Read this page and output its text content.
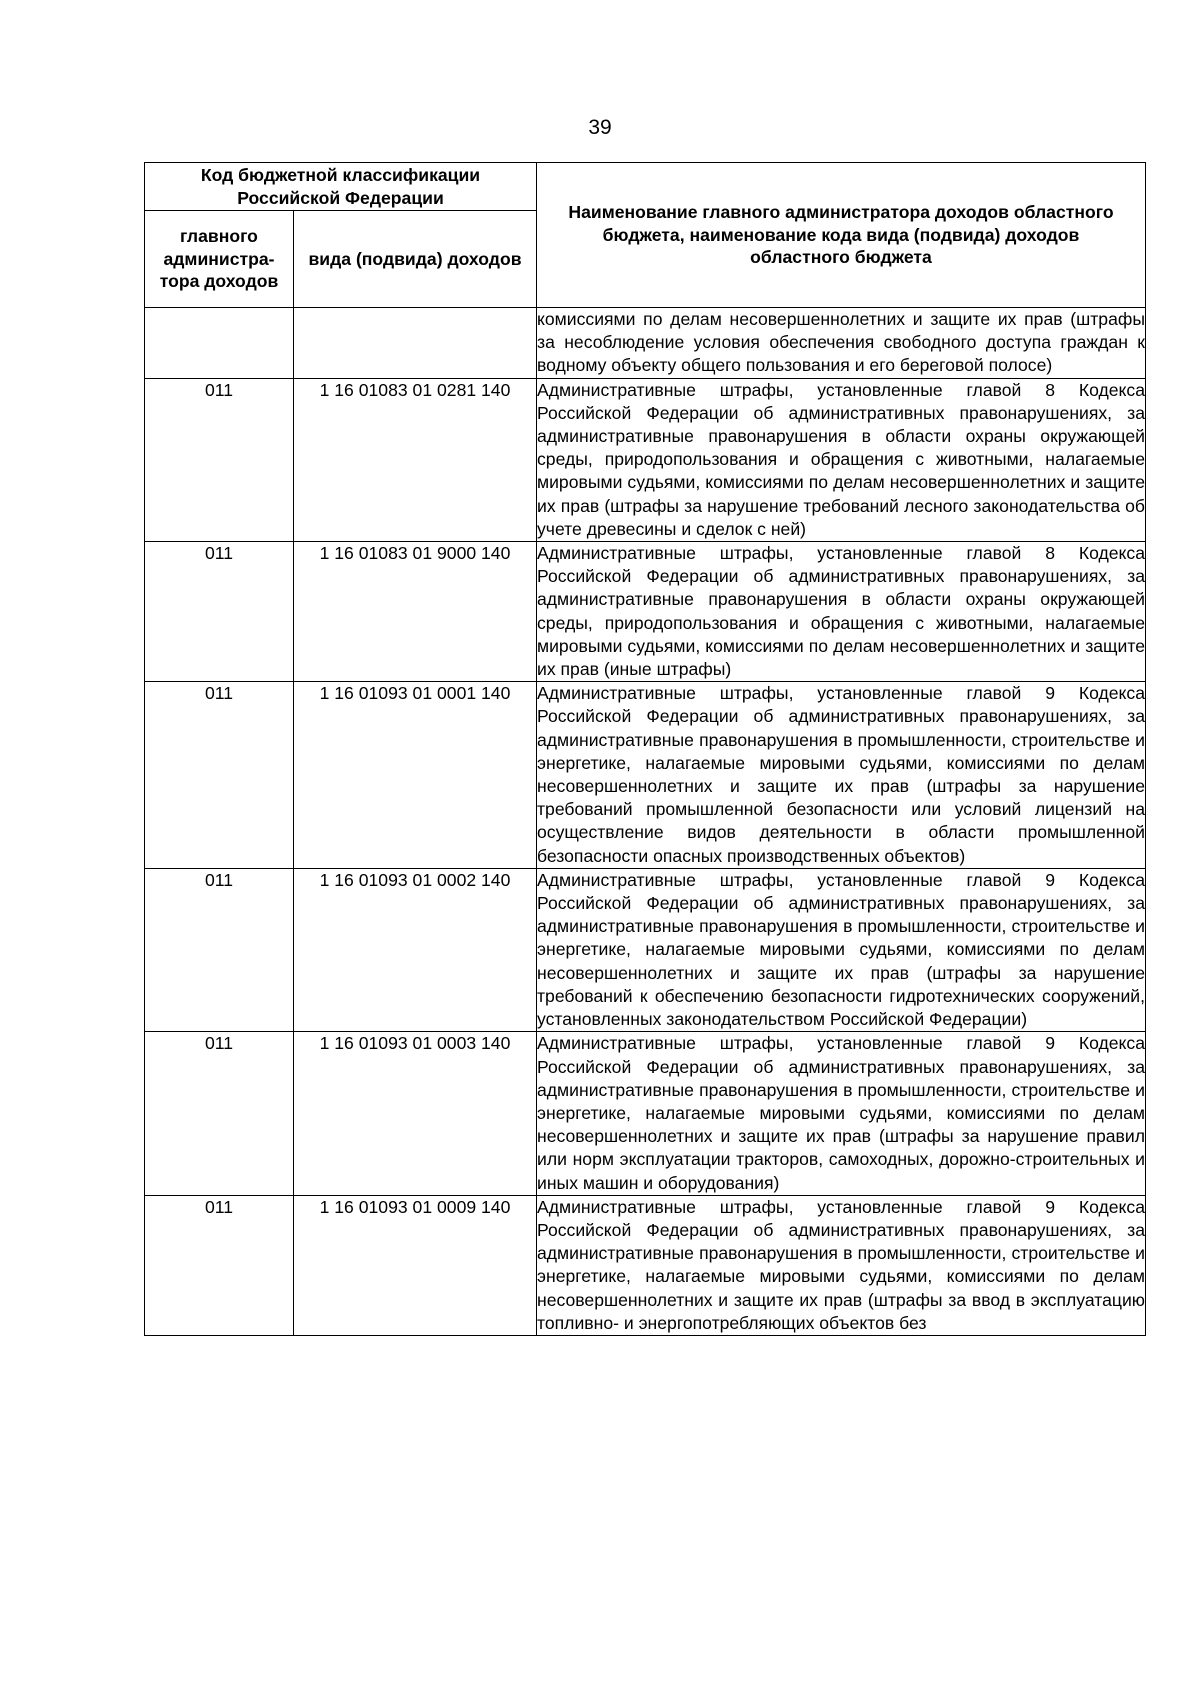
39
Код бюджетной классификации Российской Федерации		Наименование главного администратора доходов областного бюджета, наименование кода вида (подвида) доходов областного бюджета
главного администра-тора доходов	вида (подвида) доходов	
		комиссиями по делам несовершеннолетних и защите их прав (штрафы за несоблюдение условия обеспечения свободного доступа граждан к водному объекту общего пользования и его береговой полосе)
011	1 16 01083 01 0281 140	Административные штрафы, установленные главой 8 Кодекса Российской Федерации об административных правонарушениях, за административные правонарушения в области охраны окружающей среды, природопользования и обращения с животными, налагаемые мировыми судьями, комиссиями по делам несовершеннолетних и защите их прав (штрафы за нарушение требований лесного законодательства об учете древесины и сделок с ней)
011	1 16 01083 01 9000 140	Административные штрафы, установленные главой 8 Кодекса Российской Федерации об административных правонарушениях, за административные правонарушения в области охраны окружающей среды, природопользования и обращения с животными, налагаемые мировыми судьями, комиссиями по делам несовершеннолетних и защите их прав (иные штрафы)
011	1 16 01093 01 0001 140	Административные штрафы, установленные главой 9 Кодекса Российской Федерации об административных правонарушениях, за административные правонарушения в промышленности, строительстве и энергетике, налагаемые мировыми судьями, комиссиями по делам несовершеннолетних и защите их прав (штрафы за нарушение требований промышленной безопасности или условий лицензий на осуществление видов деятельности в области промышленной безопасности опасных производственных объектов)
011	1 16 01093 01 0002 140	Административные штрафы, установленные главой 9 Кодекса Российской Федерации об административных правонарушениях, за административные правонарушения в промышленности, строительстве и энергетике, налагаемые мировыми судьями, комиссиями по делам несовершеннолетних и защите их прав (штрафы за нарушение требований к обеспечению безопасности гидротехнических сооружений, установленных законодательством Российской Федерации)
011	1 16 01093 01 0003 140	Административные штрафы, установленные главой 9 Кодекса Российской Федерации об административных правонарушениях, за административные правонарушения в промышленности, строительстве и энергетике, налагаемые мировыми судьями, комиссиями по делам несовершеннолетних и защите их прав (штрафы за нарушение правил или норм эксплуатации тракторов, самоходных, дорожно-строительных и иных машин и оборудования)
011	1 16 01093 01 0009 140	Административные штрафы, установленные главой 9 Кодекса Российской Федерации об административных правонарушениях, за административные правонарушения в промышленности, строительстве и энергетике, налагаемые мировыми судьями, комиссиями по делам несовершеннолетних и защите их прав (штрафы за ввод в эксплуатацию топливно- и энергопотребляющих объектов без
